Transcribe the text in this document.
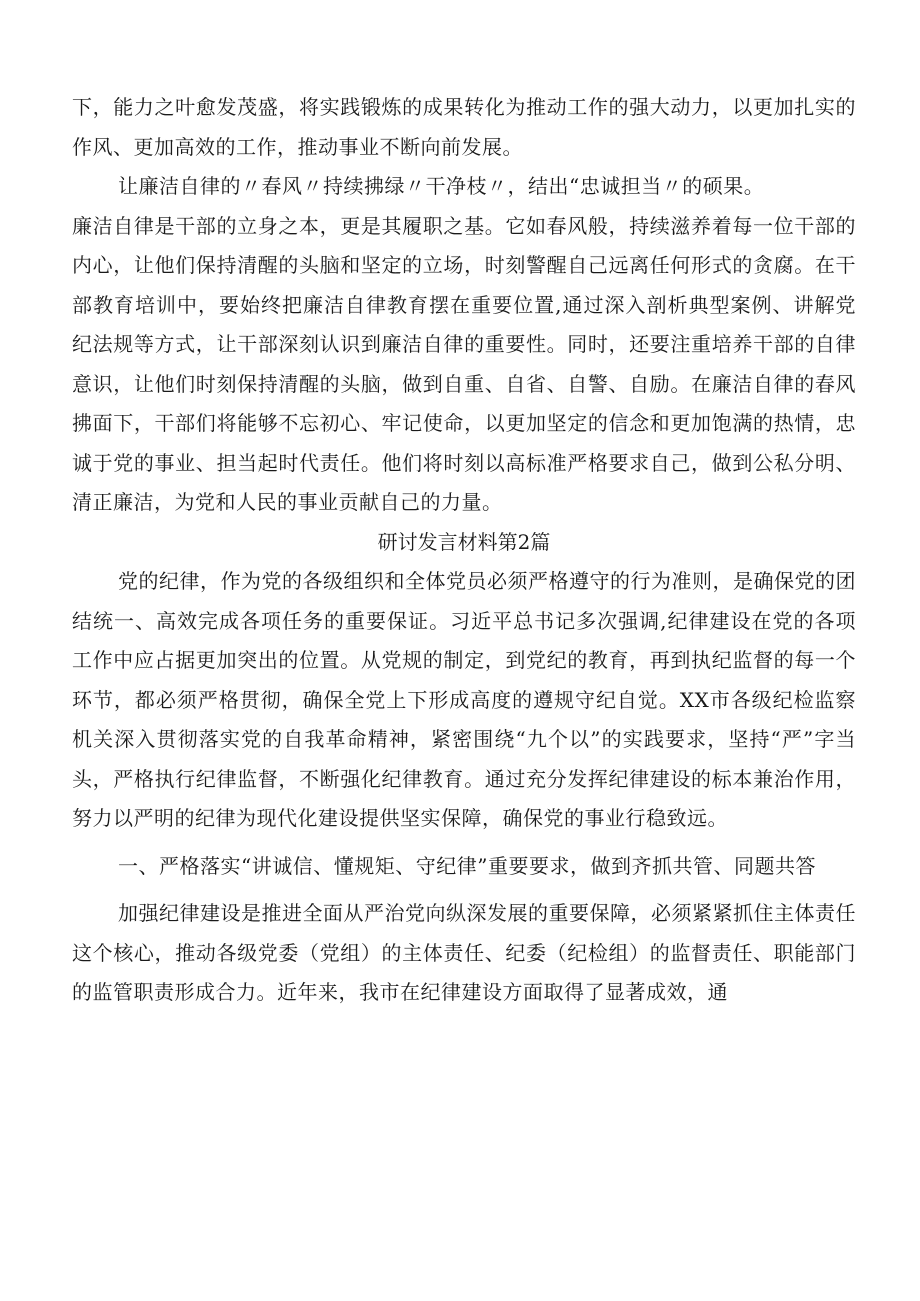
下，能力之叶愈发茂盛，将实践锻炼的成果转化为推动工作的强大动力，以更加扎实的作风、更加高效的工作，推动事业不断向前发展。

让廉洁自律的〃春风〃持续拂绿〃干净枝〃，结出“忠诚担当〃的硕果。

廉洁自律是干部的立身之本，更是其履职之基。它如春风般，持续滋养着每一位干部的内心，让他们保持清醒的头脑和坚定的立场，时刻警醒自己远离任何形式的贪腐。在干部教育培训中，要始终把廉洁自律教育摆在重要位置,通过深入剖析典型案例、讲解党纪法规等方式，让干部深刻认识到廉洁自律的重要性。同时，还要注重培养干部的自律意识，让他们时刻保持清醒的头脑，做到自重、自省、自警、自励。在廉洁自律的春风拂面下，干部们将能够不忘初心、牢记使命，以更加坚定的信念和更加饱满的热情，忠诚于党的事业、担当起时代责任。他们将时刻以高标准严格要求自己，做到公私分明、清正廉洁，为党和人民的事业贡献自己的力量。

研讨发言材料第2篇

党的纪律，作为党的各级组织和全体党员必须严格遵守的行为准则，是确保党的团结统一、高效完成各项任务的重要保证。习近平总书记多次强调,纪律建设在党的各项工作中应占据更加突出的位置。从党规的制定，到党纪的教育，再到执纪监督的每一个环节，都必须严格贯彻，确保全党上下形成高度的遵规守纪自觉。XX市各级纪检监察机关深入贯彻落实党的自我革命精神，紧密围绕“九个以”的实践要求，坚持“严”字当头，严格执行纪律监督，不断强化纪律教育。通过充分发挥纪律建设的标本兼治作用，努力以严明的纪律为现代化建设提供坚实保障，确保党的事业行稳致远。

一、严格落实“讲诚信、懂规矩、守纪律”重要要求，做到齐抓共管、同题共答

加强纪律建设是推进全面从严治党向纵深发展的重要保障，必须紧紧抓住主体责任这个核心，推动各级党委（党组）的主体责任、纪委（纪检组）的监督责任、职能部门的监管职责形成合力。近年来，我市在纪律建设方面取得了显著成效，通
